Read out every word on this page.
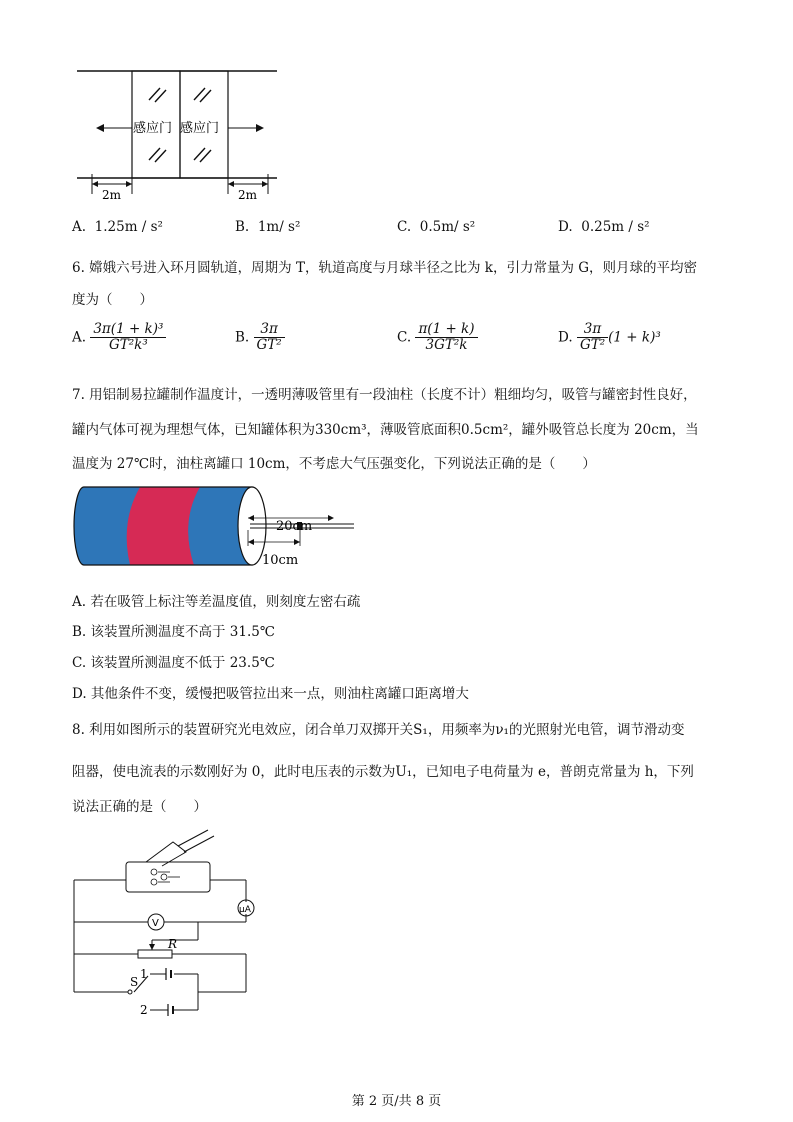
感应门 感应门
2m	2m
A. 1.25m / s²	B. 1m/ s²	C. 0.5m/ s²	D. 0.25m / s²
6. 嫦娥六号进入环月圆轨道，周期为 T，轨道高度与月球半径之比为 k，引力常量为 G，则月球的平均密
度为（　　）
A. $\frac{\text{3π(1 + k)³}}{\text{GT²k³}}$	B. $\frac{3\pi}{\text{GT²}}$	C. $\frac{\pi(1 + k)}{\text{3GT²k}}$	D. $\frac{3\pi}{\text{GT²}} (1 + k)^3$
7. 用铝制易拉罐制作温度计，一透明薄吸管里有一段油柱（长度不计）粗细均匀，吸管与罐密封性良好，
罐内气体可视为理想气体，已知罐体积为330cm³，薄吸管底面积0.5cm²，罐外吸管总长度为 20cm，当
温度为 27℃时，油柱离罐口 10cm，不考虑大气压强变化，下列说法正确的是（　　）
20cm
10cm
A. 若在吸管上标注等差温度值，则刻度左密右疏
B. 该装置所测温度不高于 31.5℃
C. 该装置所测温度不低于 23.5℃
D. 其他条件不变，缓慢把吸管拉出来一点，则油柱离罐口距离增大
8. 利用如图所示的装置研究光电效应，闭合单刀双掷开关S₁，用频率为ν₁的光照射光电管，调节滑动变
阻器，使电流表的示数刚好为 0，此时电压表的示数为U₁，已知电子电荷量为 e，普朗克常量为 h，下列
说法正确的是（　　）
V
μA
R
S
1
2
第 2 页/共 8 页
